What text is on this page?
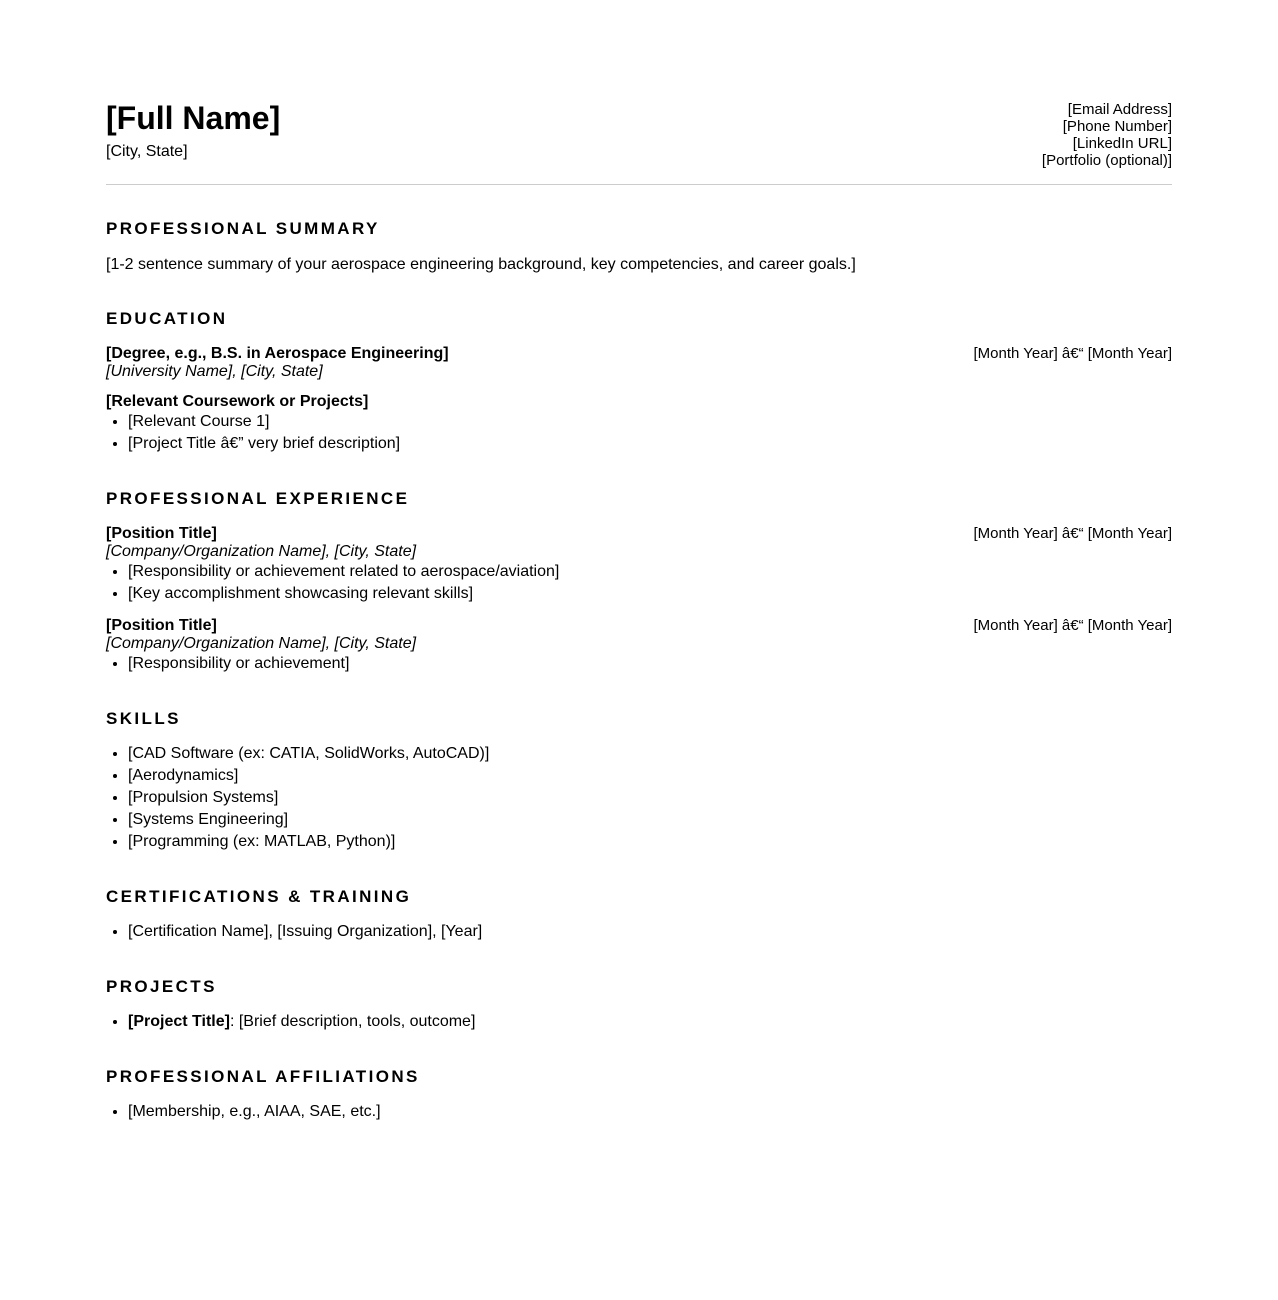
[Full Name]
[City, State]
[Email Address]
[Phone Number]
[LinkedIn URL]
[Portfolio (optional)]
PROFESSIONAL SUMMARY
[1-2 sentence summary of your aerospace engineering background, key competencies, and career goals.]
EDUCATION
[Degree, e.g., B.S. in Aerospace Engineering]	[Month Year] â€“ [Month Year]
[University Name], [City, State]
[Relevant Coursework or Projects]
• [Relevant Course 1]
• [Project Title â€” very brief description]
PROFESSIONAL EXPERIENCE
[Position Title]	[Month Year] â€“ [Month Year]
[Company/Organization Name], [City, State]
• [Responsibility or achievement related to aerospace/aviation]
• [Key accomplishment showcasing relevant skills]
[Position Title]	[Month Year] â€“ [Month Year]
[Company/Organization Name], [City, State]
• [Responsibility or achievement]
SKILLS
• [CAD Software (ex: CATIA, SolidWorks, AutoCAD)]
• [Aerodynamics]
• [Propulsion Systems]
• [Systems Engineering]
• [Programming (ex: MATLAB, Python)]
CERTIFICATIONS & TRAINING
• [Certification Name], [Issuing Organization], [Year]
PROJECTS
• [Project Title]: [Brief description, tools, outcome]
PROFESSIONAL AFFILIATIONS
• [Membership, e.g., AIAA, SAE, etc.]
